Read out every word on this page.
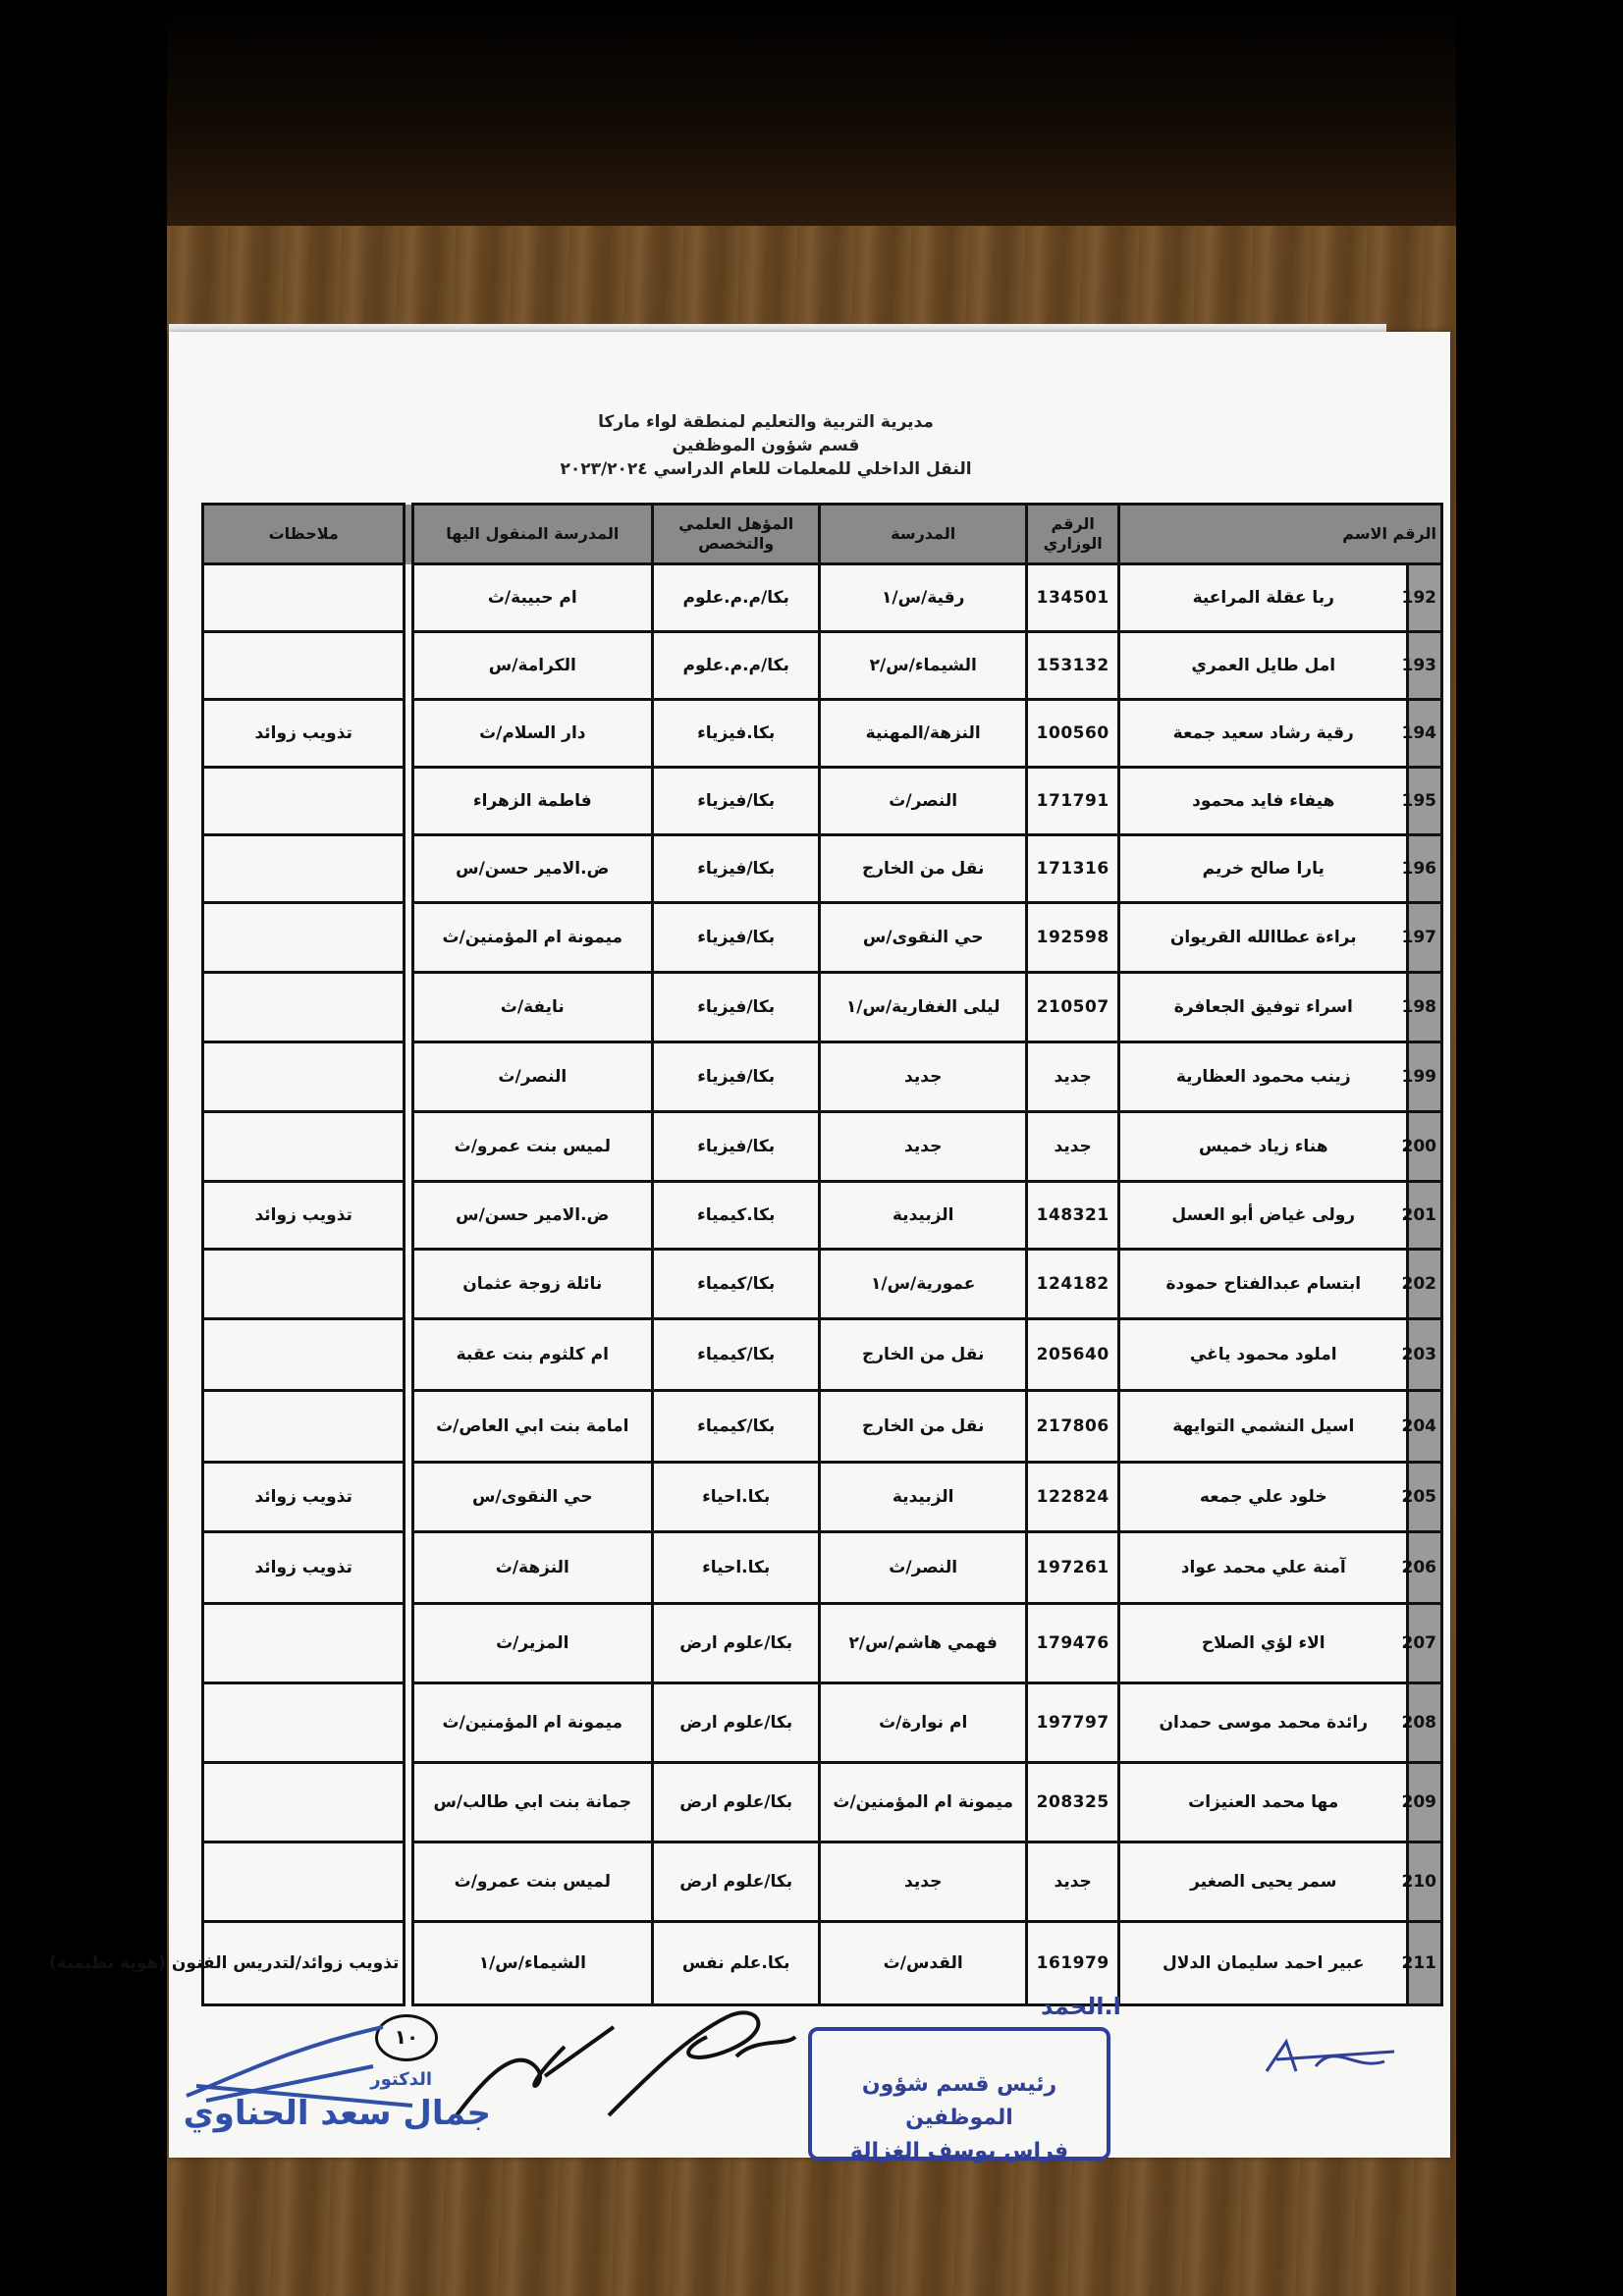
مديرية التربية والتعليم لمنطقة لواء ماركا
قسم شؤون الموظفين
النقل الداخلي للمعلمات للعام الدراسي ٢٠٢٣/٢٠٢٤
الرقم الاسم		الرقم الوزاري	المدرسة	المؤهل العلمي والتخصص	المدرسة المنقول اليها		ملاحظات
192	ربا عقلة المراعية	134501	رقية/س/١	بكا/م.م.علوم	ام حبيبة/ث		
193	امل طايل العمري	153132	الشيماء/س/٢	بكا/م.م.علوم	الكرامة/س		
194	رقية رشاد سعيد جمعة	100560	النزهة/المهنية	بكا.فيزياء	دار السلام/ث		تذويب زوائد
195	هيفاء فايد محمود	171791	النصر/ث	بكا/فيزياء	فاطمة الزهراء		
196	يارا صالح خريم	171316	نقل من الخارج	بكا/فيزياء	ض.الامير حسن/س		
197	براءة عطاالله القريوان	192598	حي النقوى/س	بكا/فيزياء	ميمونة ام المؤمنين/ث		
198	اسراء توفيق الجعافرة	210507	ليلى الغفارية/س/١	بكا/فيزياء	نايفة/ث		
199	زينب محمود العظارية	جديد	جديد	بكا/فيزياء	النصر/ث		
200	هناء زياد خميس	جديد	جديد	بكا/فيزياء	لميس بنت عمرو/ث		
201	رولى غياض أبو العسل	148321	الزبيدية	بكا.كيمياء	ض.الامير حسن/س		تذويب زوائد
202	ابتسام عبدالفتاح حمودة	124182	عمورية/س/١	بكا/كيمياء	نائلة زوجة عثمان		
203	املود محمود ياغي	205640	نقل من الخارج	بكا/كيمياء	ام كلثوم بنت عقبة		
204	اسيل النشمي التوايهة	217806	نقل من الخارج	بكا/كيمياء	امامة بنت ابي العاص/ث		
205	خلود علي جمعه	122824	الزبيدية	بكا.احياء	حي النقوى/س		تذويب زوائد
206	آمنة علي محمد عواد	197261	النصر/ث	بكا.احياء	النزهة/ث		تذويب زوائد
207	الاء لؤي الصلاح	179476	فهمي هاشم/س/٢	بكا/علوم ارض	المزير/ث		
208	رائدة محمد موسى حمدان	197797	ام نوارة/ث	بكا/علوم ارض	ميمونة ام المؤمنين/ث		
209	مها محمد العنيزات	208325	ميمونة ام المؤمنين/ث	بكا/علوم ارض	جمانة بنت ابي طالب/س		
210	سمر يحيى الصغير	جديد	جديد	بكا/علوم ارض	لميس بنت عمرو/ث		
211	عبير احمد سليمان الدلال	161979	القدس/ث	بكا.علم نفس	الشيماء/س/١		تذويب زوائد/لتدريس الفنون (هوية تطيمية)
١٠
الدكتور
جمال سعد الحناوي
رئيس قسم شؤون الموظفين
فراس يوسف الغزالة
ا.الحمد
